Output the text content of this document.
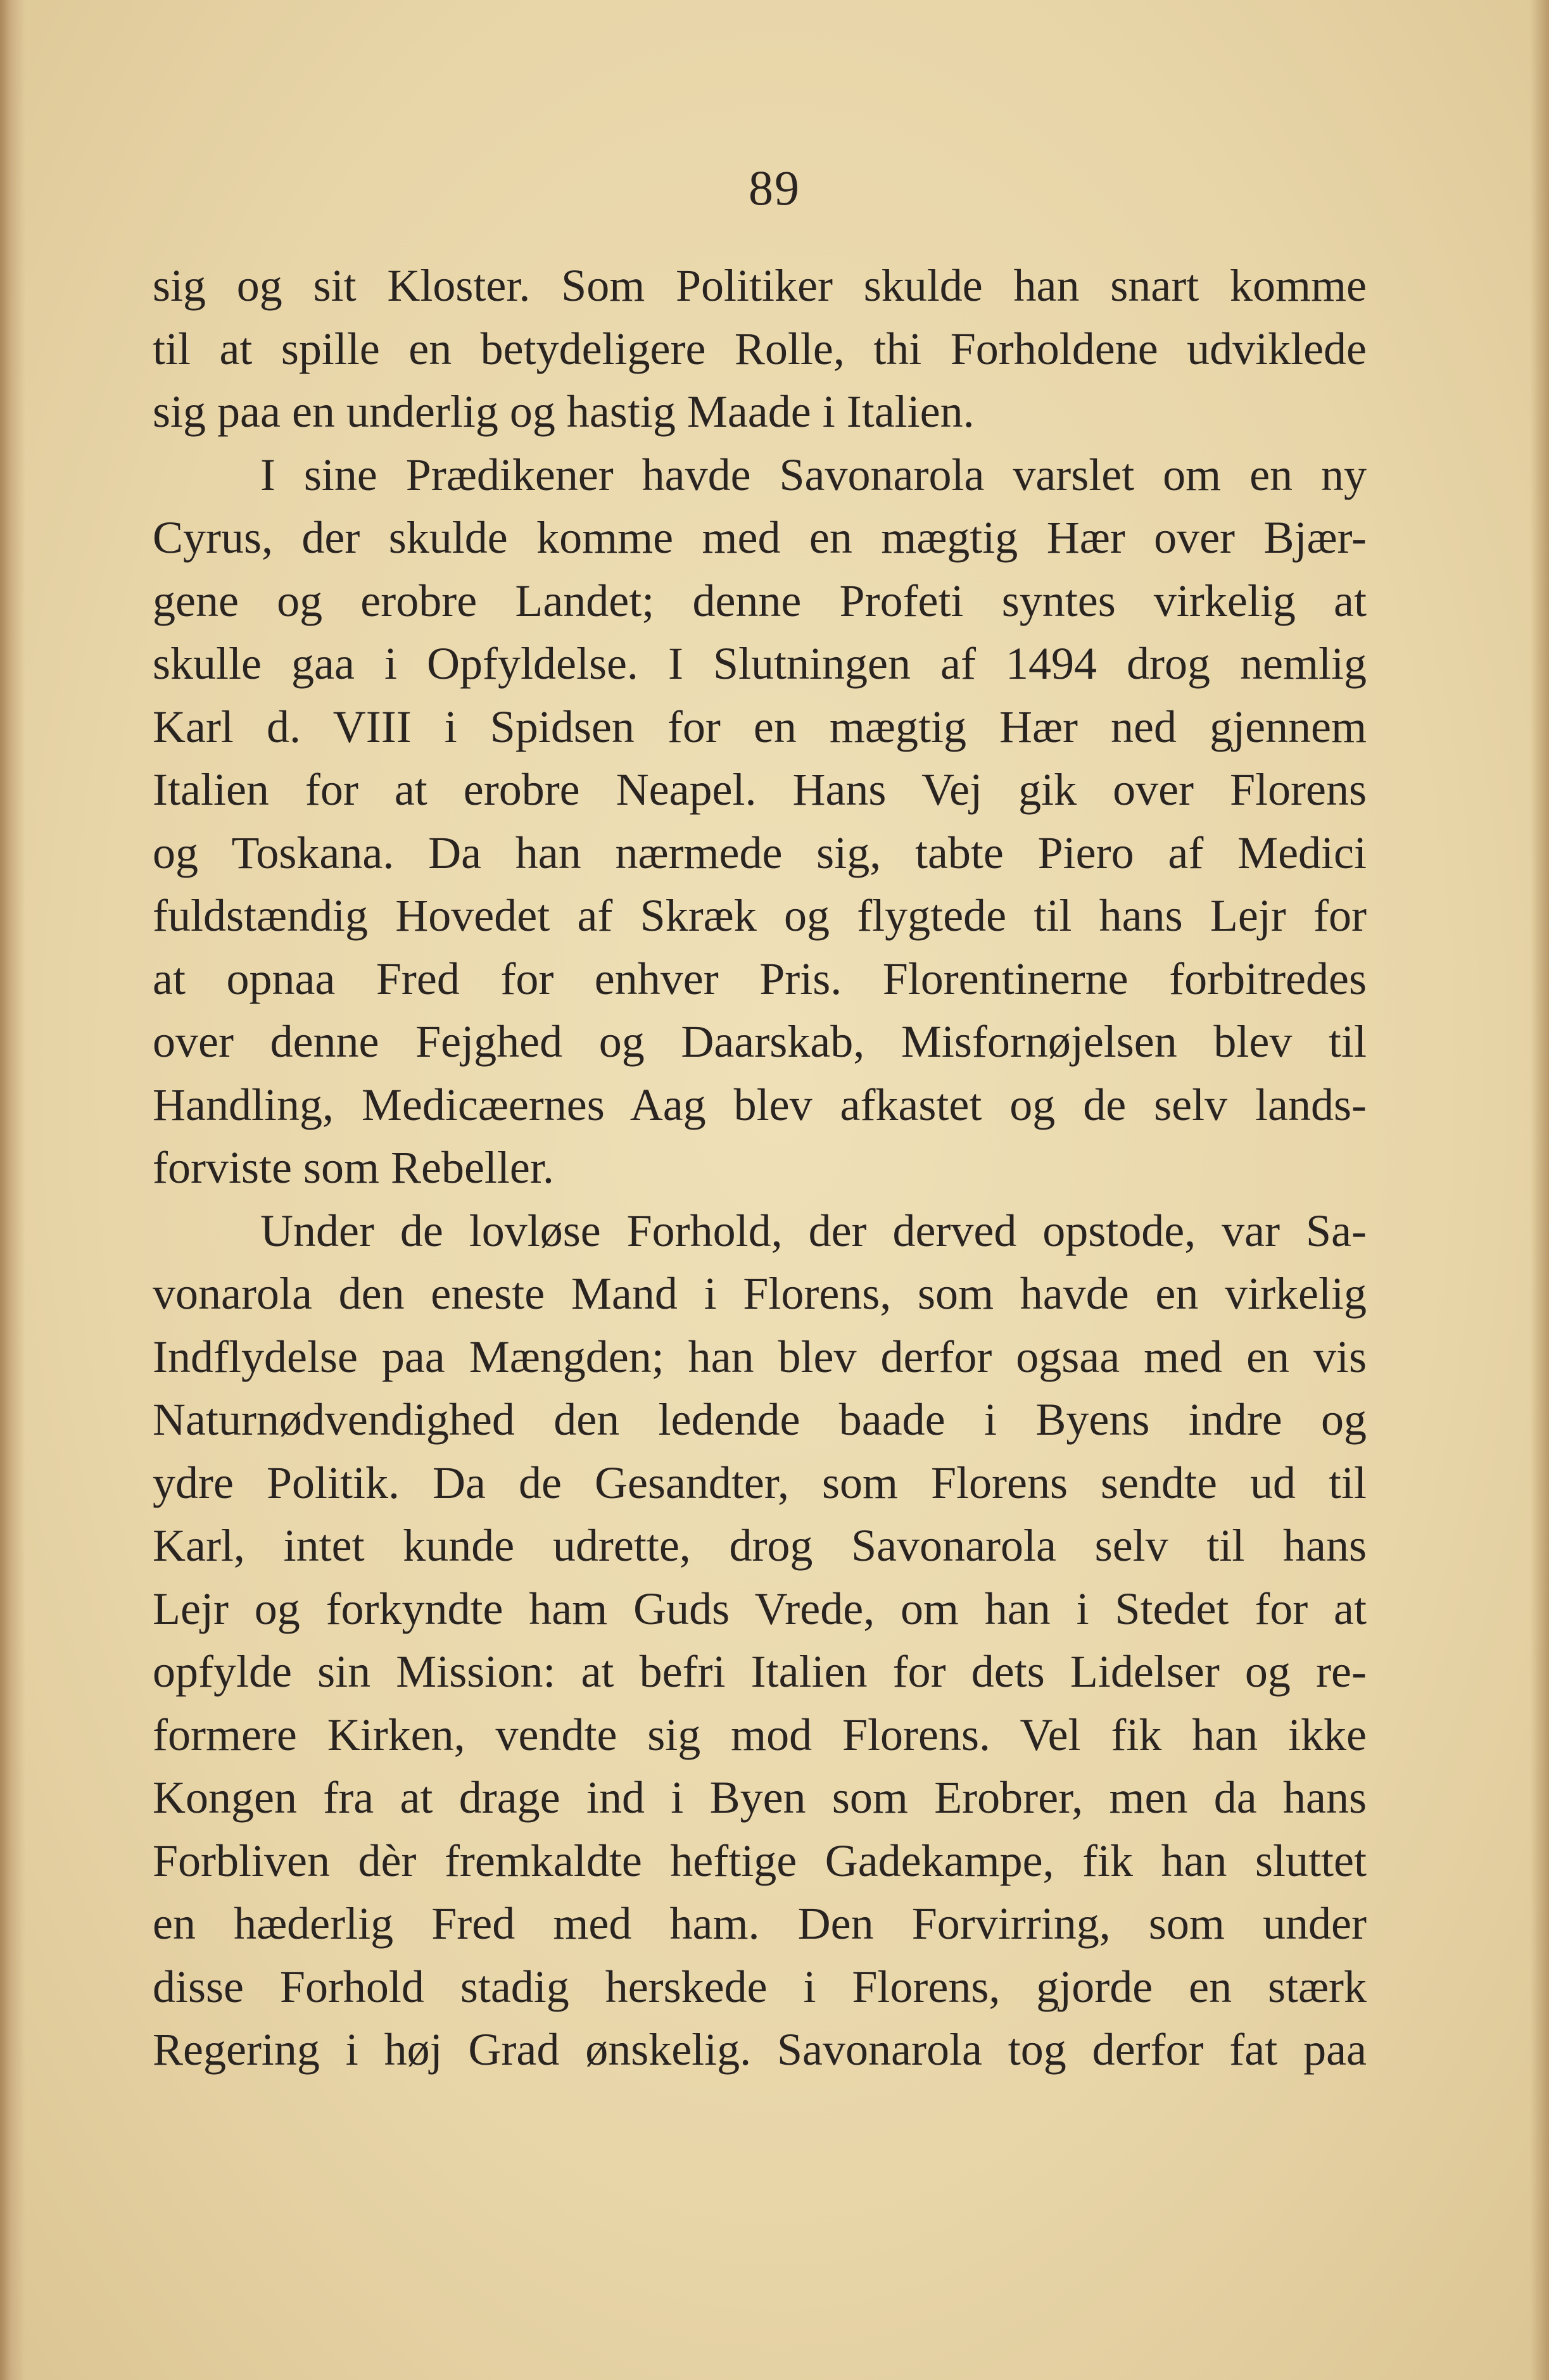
89
sig og sit Kloster. Som Politiker skulde han snart komme
til at spille en betydeligere Rolle, thi Forholdene udviklede
sig paa en underlig og hastig Maade i Italien.
I sine Prædikener havde Savonarola varslet om en ny
Cyrus, der skulde komme med en mægtig Hær over Bjær-
gene og erobre Landet; denne Profeti syntes virkelig at
skulle gaa i Opfyldelse. I Slutningen af 1494 drog nemlig
Karl d. VIII i Spidsen for en mægtig Hær ned gjennem
Italien for at erobre Neapel. Hans Vej gik over Florens
og Toskana. Da han nærmede sig, tabte Piero af Medici
fuldstændig Hovedet af Skræk og flygtede til hans Lejr for
at opnaa Fred for enhver Pris. Florentinerne forbitredes
over denne Fejghed og Daarskab, Misfornøjelsen blev til
Handling, Medicæernes Aag blev afkastet og de selv lands-
forviste som Rebeller.
Under de lovløse Forhold, der derved opstode, var Sa-
vonarola den eneste Mand i Florens, som havde en virkelig
Indflydelse paa Mængden; han blev derfor ogsaa med en vis
Naturnødvendighed den ledende baade i Byens indre og
ydre Politik. Da de Gesandter, som Florens sendte ud til
Karl, intet kunde udrette, drog Savonarola selv til hans
Lejr og forkyndte ham Guds Vrede, om han i Stedet for at
opfylde sin Mission: at befri Italien for dets Lidelser og re-
formere Kirken, vendte sig mod Florens. Vel fik han ikke
Kongen fra at drage ind i Byen som Erobrer, men da hans
Forbliven dèr fremkaldte heftige Gadekampe, fik han sluttet
en hæderlig Fred med ham. Den Forvirring, som under
disse Forhold stadig herskede i Florens, gjorde en stærk
Regering i høj Grad ønskelig. Savonarola tog derfor fat paa
